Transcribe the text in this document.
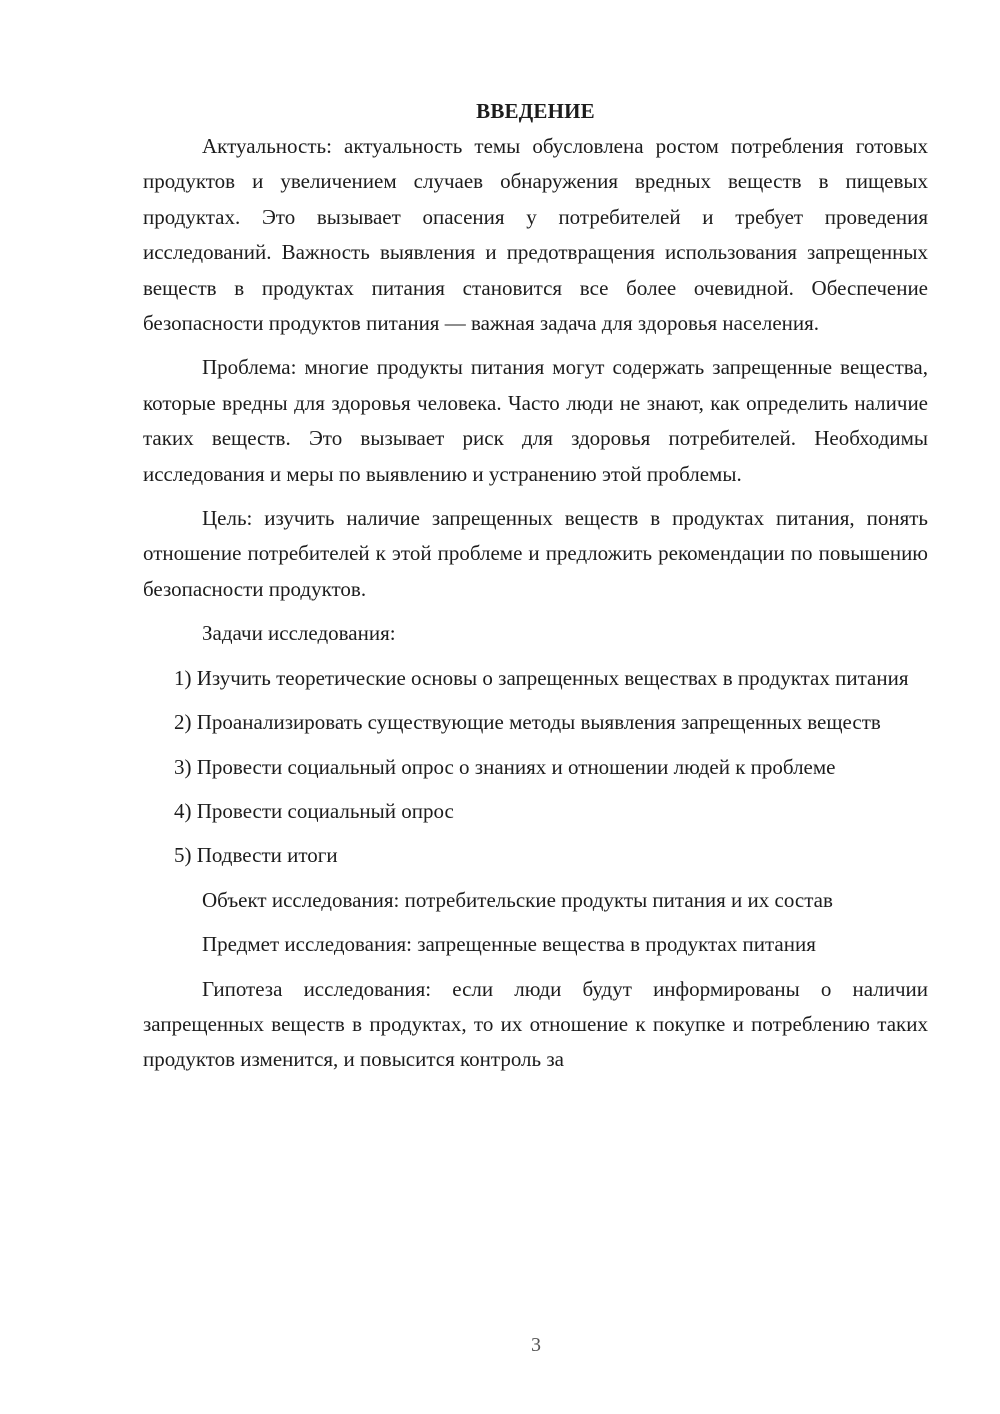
ВВЕДЕНИЕ

Актуальность: актуальность темы обусловлена ростом потребления готовых продуктов и увеличением случаев обнаружения вредных веществ в пищевых продуктах. Это вызывает опасения у потребителей и требует проведения исследований. Важность выявления и предотвращения использования запрещенных веществ в продуктах питания становится все более очевидной. Обеспечение безопасности продуктов питания — важная задача для здоровья населения.

Проблема: многие продукты питания могут содержать запрещенные вещества, которые вредны для здоровья человека. Часто люди не знают, как определить наличие таких веществ. Это вызывает риск для здоровья потребителей. Необходимы исследования и меры по выявлению и устранению этой проблемы.

Цель: изучить наличие запрещенных веществ в продуктах питания, понять отношение потребителей к этой проблеме и предложить рекомендации по повышению безопасности продуктов.

Задачи исследования:

1) Изучить теоретические основы о запрещенных веществах в продуктах питания

2) Проанализировать существующие методы выявления запрещенных веществ

3) Провести социальный опрос о знаниях и отношении людей к проблеме

4) Провести социальный опрос

5) Подвести итоги

Объект исследования: потребительские продукты питания и их состав

Предмет исследования: запрещенные вещества в продуктах питания

Гипотеза исследования: если люди будут информированы о наличии запрещенных веществ в продуктах, то их отношение к покупке и потреблению таких продуктов изменится, и повысится контроль за

3
